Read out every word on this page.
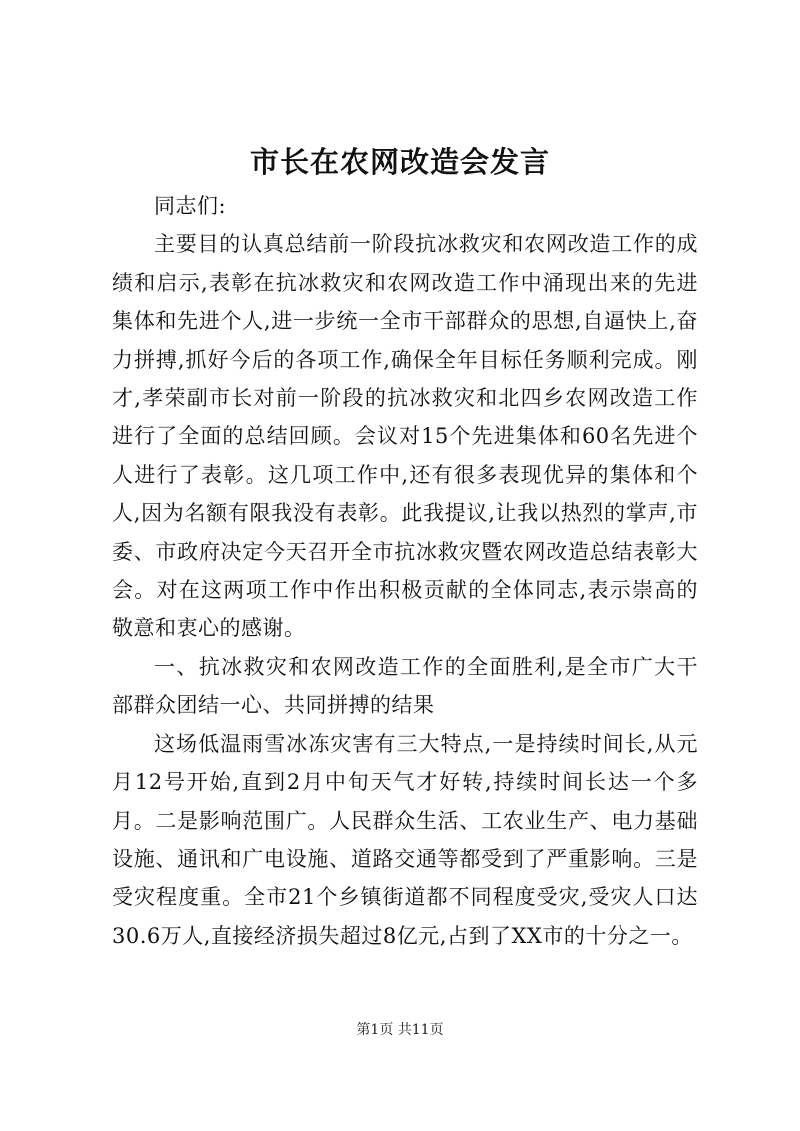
市长在农网改造会发言

同志们:

主要目的认真总结前一阶段抗冰救灾和农网改造工作的成绩和启示,表彰在抗冰救灾和农网改造工作中涌现出来的先进集体和先进个人,进一步统一全市干部群众的思想,自逼快上,奋力拼搏,抓好今后的各项工作,确保全年目标任务顺利完成。刚才,孝荣副市长对前一阶段的抗冰救灾和北四乡农网改造工作进行了全面的总结回顾。会议对15个先进集体和60名先进个人进行了表彰。这几项工作中,还有很多表现优异的集体和个人,因为名额有限我没有表彰。此我提议,让我以热烈的掌声,市委、市政府决定今天召开全市抗冰救灾暨农网改造总结表彰大会。对在这两项工作中作出积极贡献的全体同志,表示崇高的敬意和衷心的感谢。

一、抗冰救灾和农网改造工作的全面胜利,是全市广大干部群众团结一心、共同拼搏的结果

这场低温雨雪冰冻灾害有三大特点,一是持续时间长,从元月12号开始,直到2月中旬天气才好转,持续时间长达一个多月。二是影响范围广。人民群众生活、工农业生产、电力基础设施、通讯和广电设施、道路交通等都受到了严重影响。三是受灾程度重。全市21个乡镇街道都不同程度受灾,受灾人口达30.6万人,直接经济损失超过8亿元,占到了XX市的十分之一。

第1页 共11页
